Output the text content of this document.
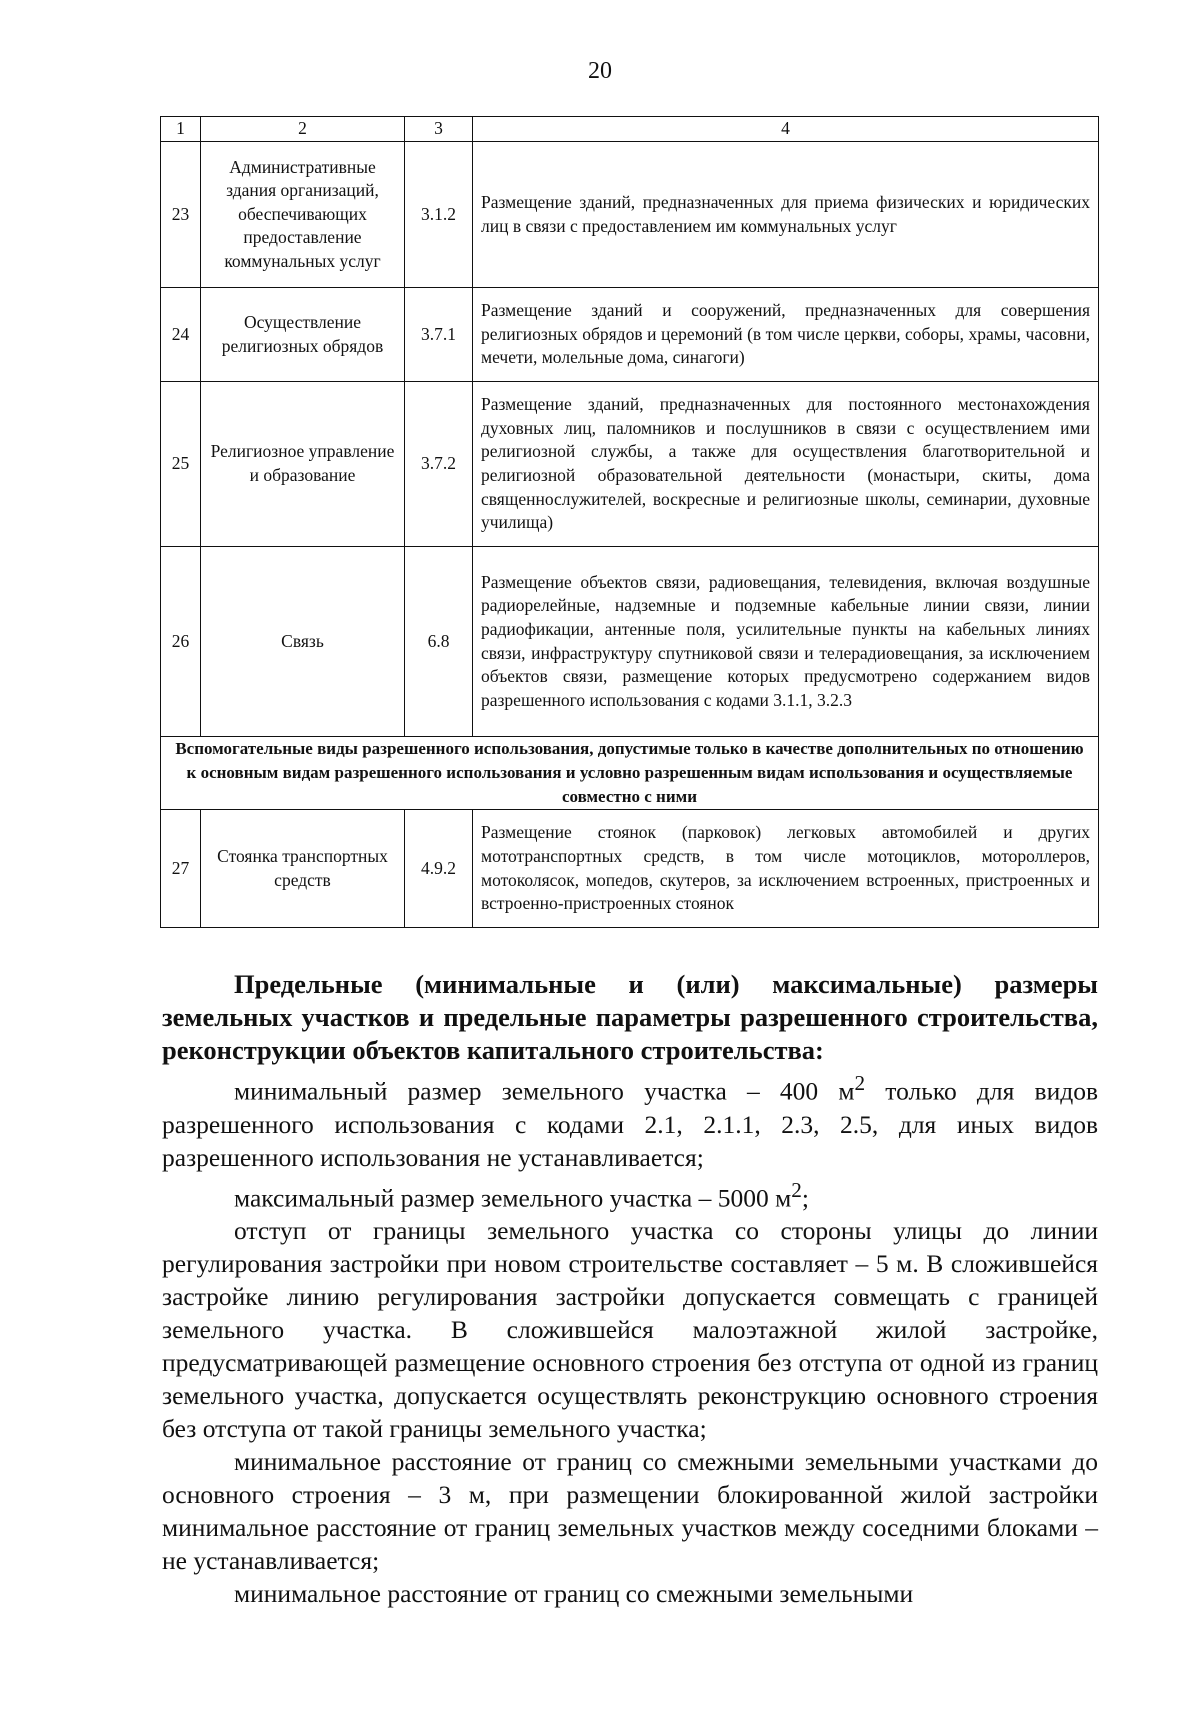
20
1	2	3	4
23	Административные здания организаций, обеспечивающих предоставление коммунальных услуг	3.1.2	Размещение зданий, предназначенных для приема физических и юридических лиц в связи с предоставлением им коммунальных услуг
24	Осуществление религиозных обрядов	3.7.1	Размещение зданий и сооружений, предназначенных для совершения религиозных обрядов и церемоний (в том числе церкви, соборы, храмы, часовни, мечети, молельные дома, синагоги)
25	Религиозное управление и образование	3.7.2	Размещение зданий, предназначенных для постоянного местонахождения духовных лиц, паломников и послушников в связи с осуществлением ими религиозной службы, а также для осуществления благотворительной и религиозной образовательной деятельности (монастыри, скиты, дома священнослужителей, воскресные и религиозные школы, семинарии, духовные училища)
26	Связь	6.8	Размещение объектов связи, радиовещания, телевидения, включая воздушные радиорелейные, надземные и подземные кабельные линии связи, линии радиофикации, антенные поля, усилительные пункты на кабельных линиях связи, инфраструктуру спутниковой связи и телерадиовещания, за исключением объектов связи, размещение которых предусмотрено содержанием видов разрешенного использования с кодами 3.1.1, 3.2.3
Вспомогательные виды разрешенного использования, допустимые только в качестве дополнительных по отношению к основным видам разрешенного использования и условно разрешенным видам использования и осуществляемые совместно с ними			
27	Стоянка транспортных средств	4.9.2	Размещение стоянок (парковок) легковых автомобилей и других мототранспортных средств, в том числе мотоциклов, мотороллеров, мотоколясок, мопедов, скутеров, за исключением встроенных, пристроенных и встроенно-пристроенных стоянок

Предельные (минимальные и (или) максимальные) размеры земельных участков и предельные параметры разрешенного строительства, реконструкции объектов капитального строительства:

минимальный размер земельного участка – 400 $м^2$ только для видов разрешенного использования с кодами 2.1, 2.1.1, 2.3, 2.5, для иных видов разрешенного использования не устанавливается;

максимальный размер земельного участка – 5000 $м^2$;

отступ от границы земельного участка со стороны улицы до линии регулирования застройки при новом строительстве составляет – 5 м. В сложившейся застройке линию регулирования застройки допускается совмещать с границей земельного участка. В сложившейся малоэтажной жилой застройке, предусматривающей размещение основного строения без отступа от одной из границ земельного участка, допускается осуществлять реконструкцию основного строения без отступа от такой границы земельного участка;

минимальное расстояние от границ со смежными земельными участками до основного строения – 3 м, при размещении блокированной жилой застройки минимальное расстояние от границ земельных участков между соседними блоками – не устанавливается;

минимальное расстояние от границ со смежными земельными
